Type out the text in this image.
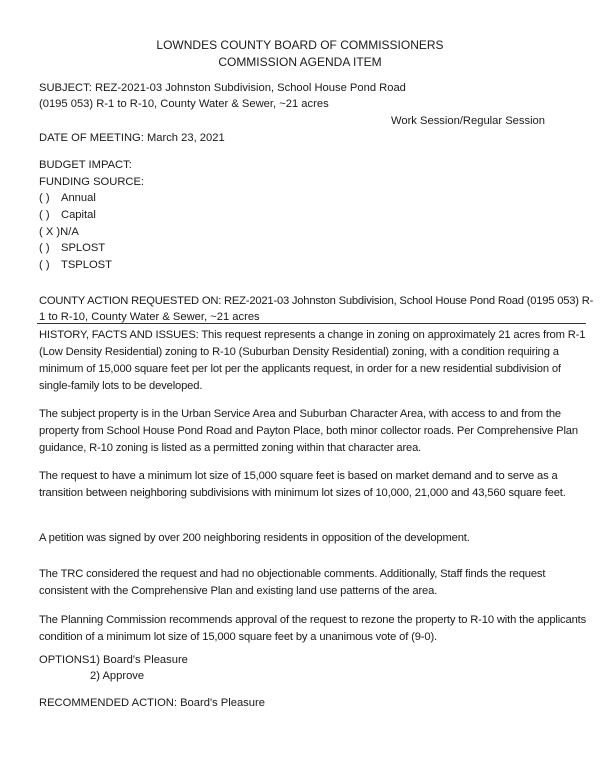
LOWNDES COUNTY BOARD OF COMMISSIONERS
COMMISSION AGENDA ITEM
SUBJECT: REZ-2021-03 Johnston Subdivision, School House Pond Road
(0195 053) R-1 to R-10, County Water & Sewer, ~21 acres
Work Session/Regular Session
DATE OF MEETING: March 23, 2021
BUDGET IMPACT:
FUNDING SOURCE:
( ) Annual
( ) Capital
( X )N/A
( ) SPLOST
( ) TSPLOST
COUNTY ACTION REQUESTED ON: REZ-2021-03 Johnston Subdivision, School House Pond Road (0195 053) R-
1 to R-10, County Water & Sewer, ~21 acres
HISTORY, FACTS AND ISSUES: This request represents a change in zoning on approximately 21 acres from R-1 (Low Density Residential) zoning to R-10 (Suburban Density Residential) zoning, with a condition requiring a minimum of 15,000 square feet per lot per the applicants request, in order for a new residential subdivision of single-family lots to be developed.
The subject property is in the Urban Service Area and Suburban Character Area, with access to and from the property from School House Pond Road and Payton Place, both minor collector roads. Per Comprehensive Plan guidance, R-10 zoning is listed as a permitted zoning within that character area.
The request to have a minimum lot size of 15,000 square feet is based on market demand and to serve as a transition between neighboring subdivisions with minimum lot sizes of 10,000, 21,000 and 43,560 square feet.
A petition was signed by over 200 neighboring residents in opposition of the development.
The TRC considered the request and had no objectionable comments. Additionally, Staff finds the request consistent with the Comprehensive Plan and existing land use patterns of the area.
The Planning Commission recommends approval of the request to rezone the property to R-10 with the applicants condition of a minimum lot size of 15,000 square feet by a unanimous vote of (9-0).
OPTIONS:
1) Board's Pleasure
2) Approve
RECOMMENDED ACTION: Board's Pleasure
